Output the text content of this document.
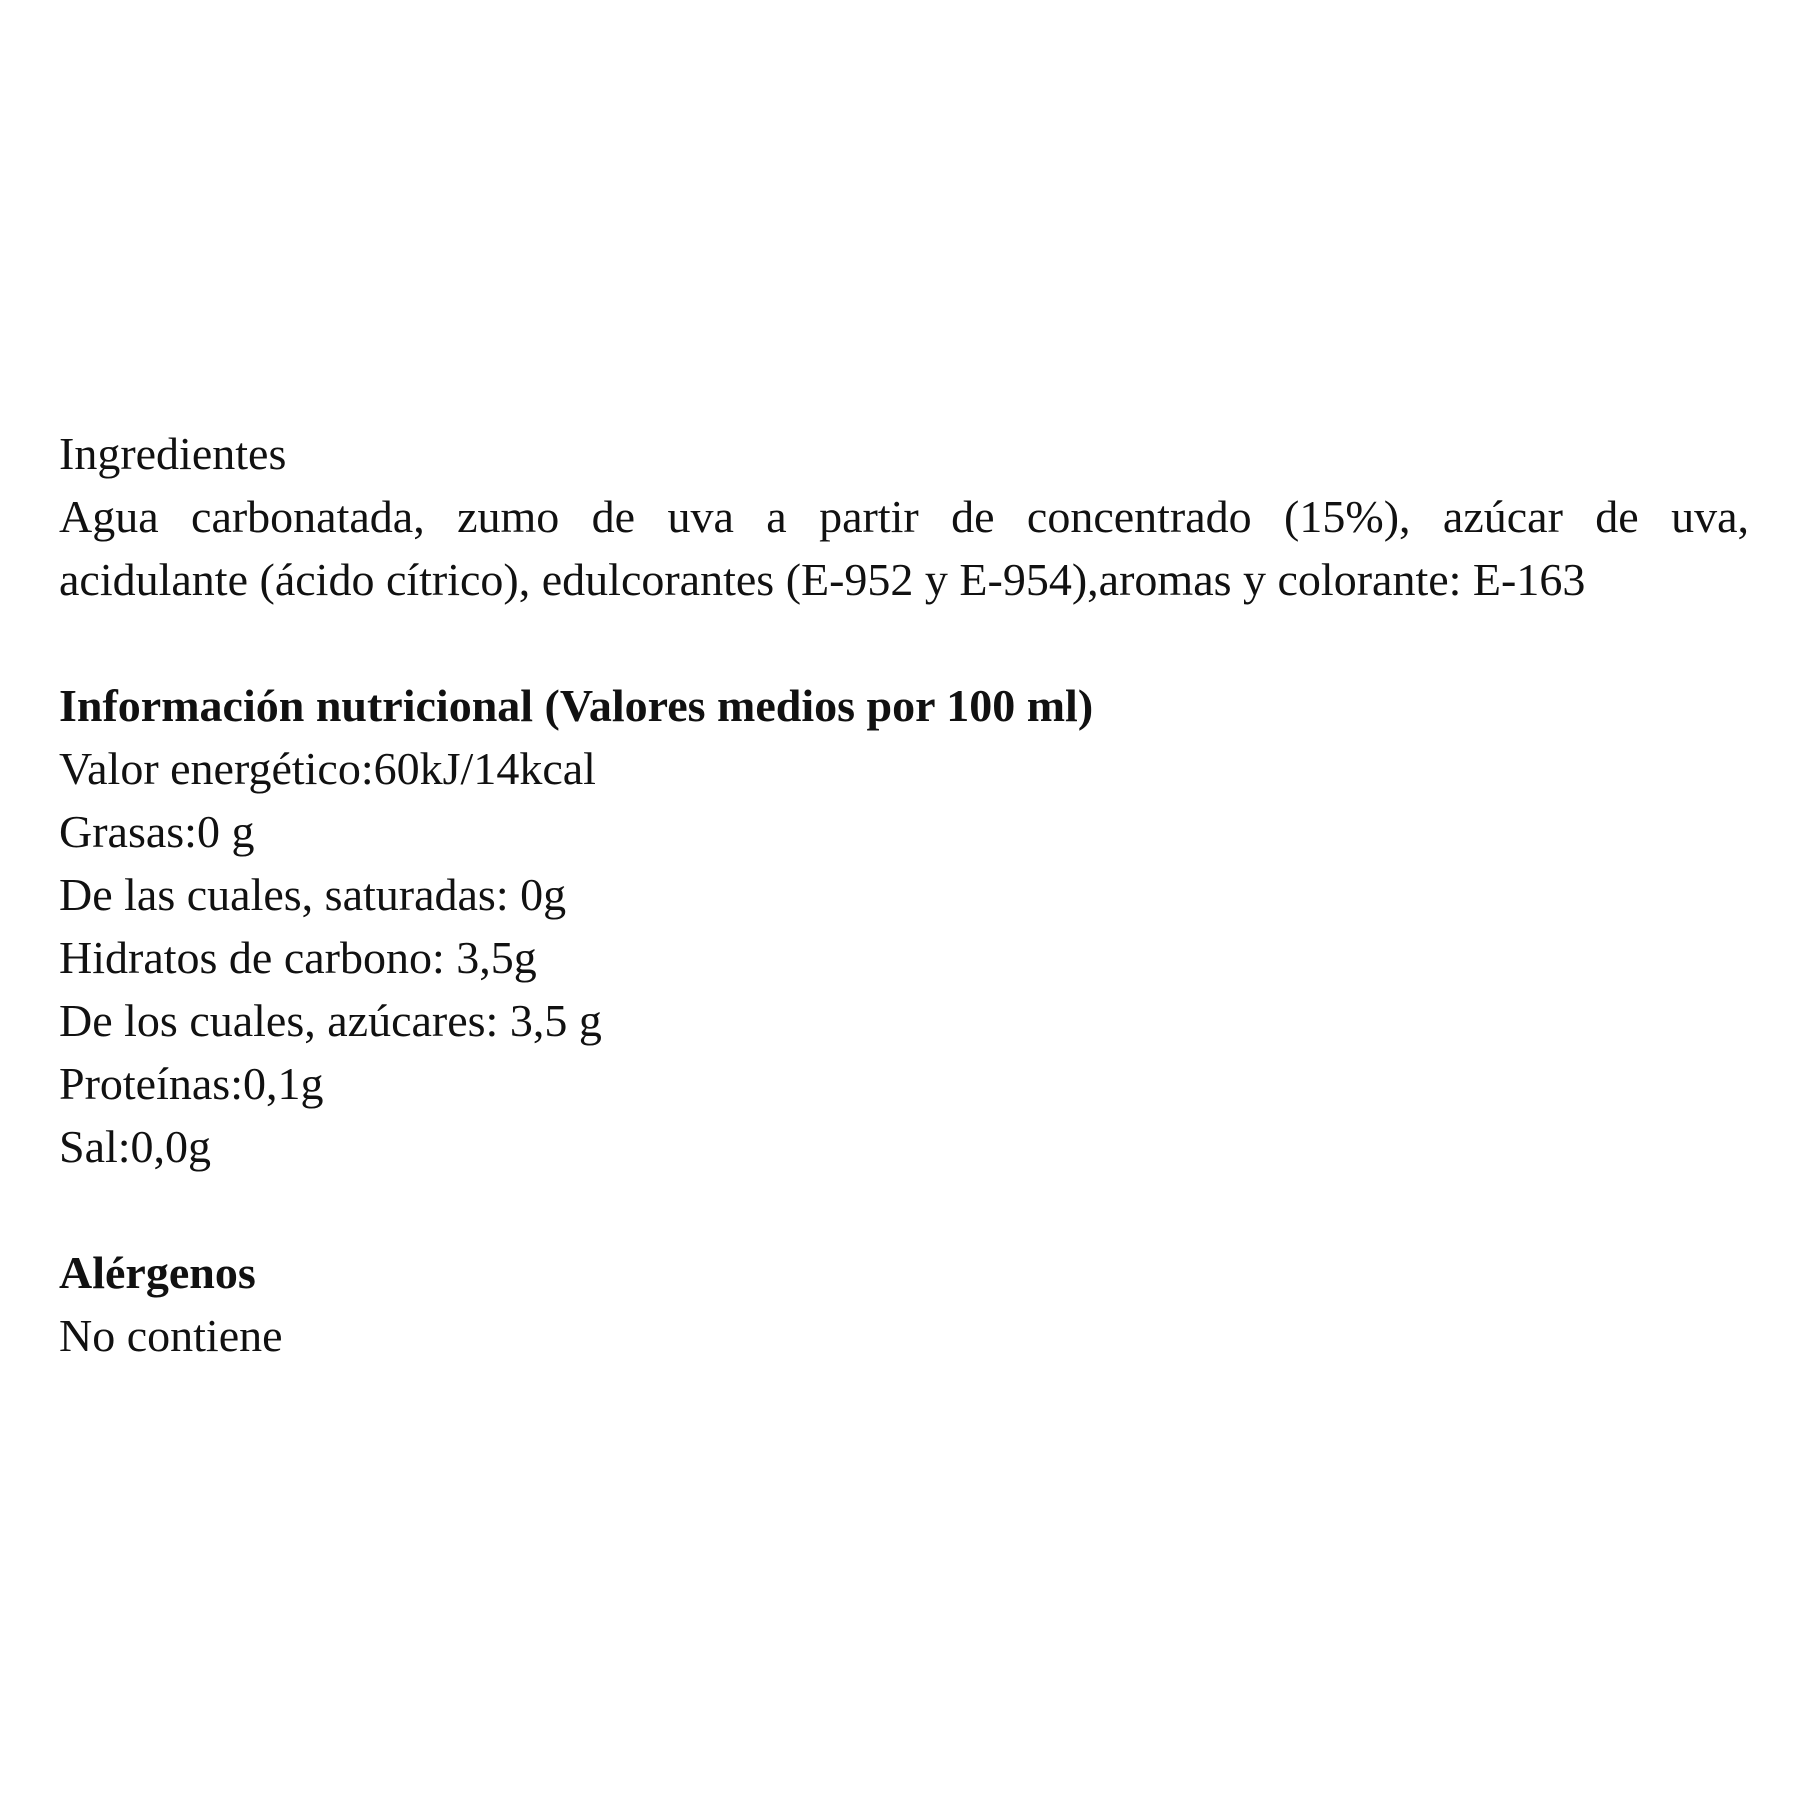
Ingredientes

Agua carbonatada, zumo de uva a partir de concentrado (15%), azúcar de uva,

acidulante (ácido cítrico), edulcorantes (E-952 y E-954),aromas y colorante: E-163

Información nutricional (Valores medios por 100 ml)

Valor energético:60kJ/14kcal

Grasas:0 g

De las cuales, saturadas: 0g

Hidratos de carbono: 3,5g

De los cuales, azúcares: 3,5 g

Proteínas:0,1g

Sal:0,0g

Alérgenos

No contiene
